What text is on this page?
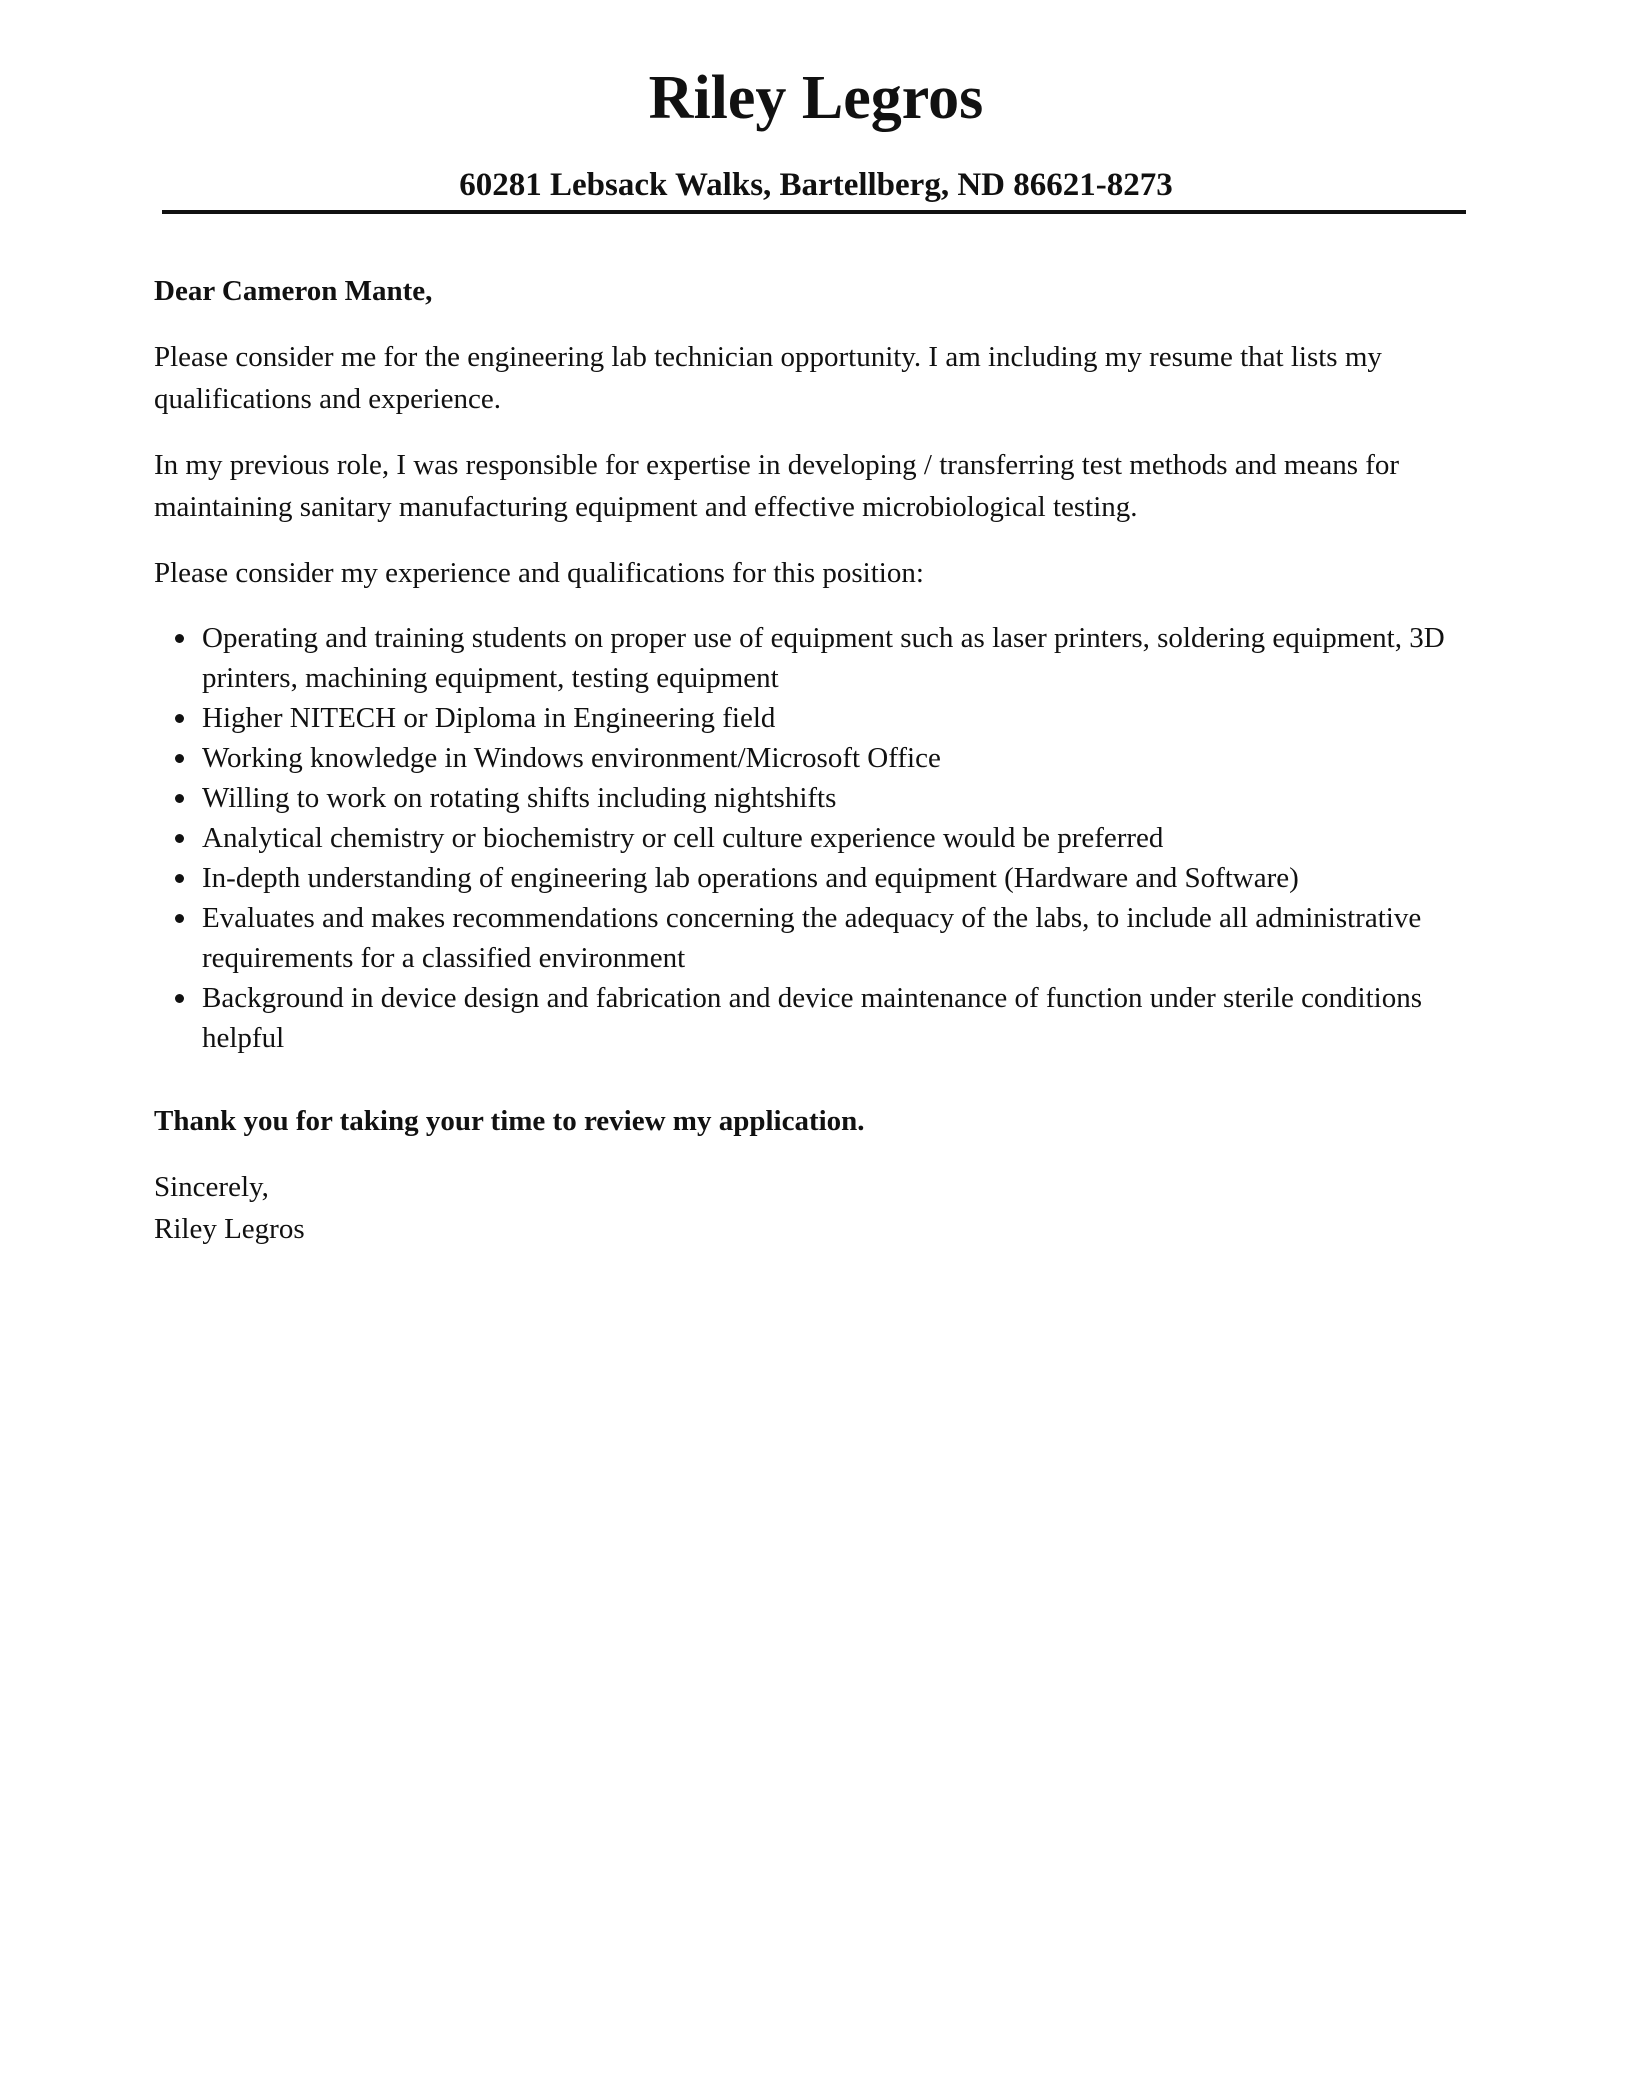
Riley Legros
60281 Lebsack Walks, Bartellberg, ND 86621-8273

Dear Cameron Mante,

Please consider me for the engineering lab technician opportunity. I am including my resume that lists my qualifications and experience.

In my previous role, I was responsible for expertise in developing / transferring test methods and means for maintaining sanitary manufacturing equipment and effective microbiological testing.

Please consider my experience and qualifications for this position:

Operating and training students on proper use of equipment such as laser printers, soldering equipment, 3D printers, machining equipment, testing equipment
Higher NITECH or Diploma in Engineering field
Working knowledge in Windows environment/Microsoft Office
Willing to work on rotating shifts including nightshifts
Analytical chemistry or biochemistry or cell culture experience would be preferred
In-depth understanding of engineering lab operations and equipment (Hardware and Software)
Evaluates and makes recommendations concerning the adequacy of the labs, to include all administrative requirements for a classified environment
Background in device design and fabrication and device maintenance of function under sterile conditions helpful

Thank you for taking your time to review my application.

Sincerely,

Riley Legros
